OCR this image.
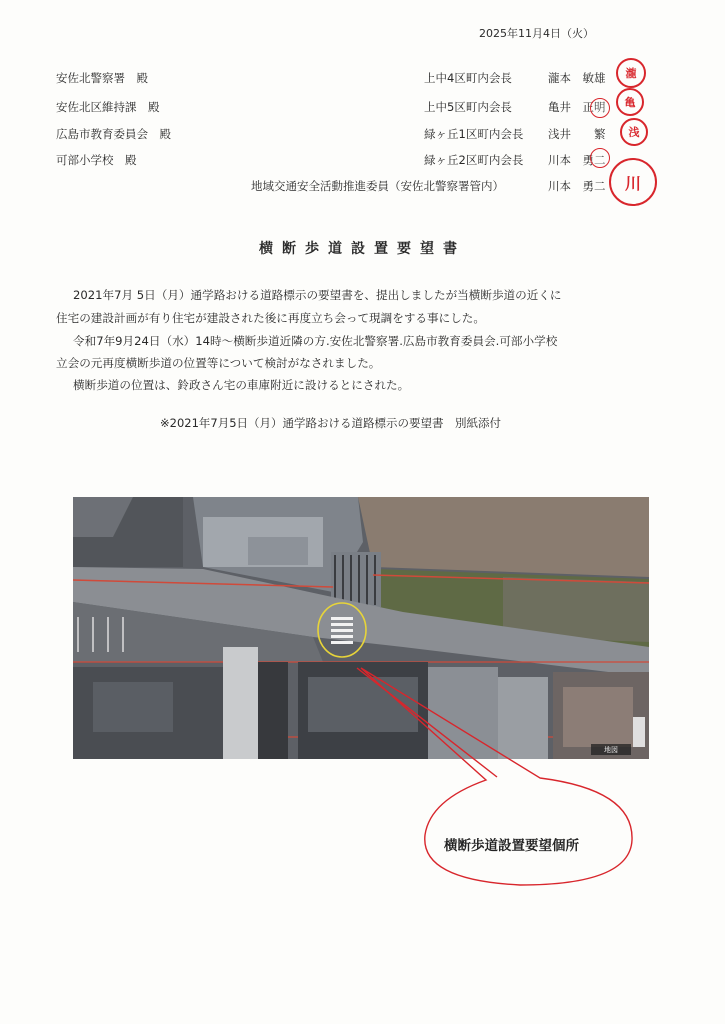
2025年11月4日（火）
安佐北警察署　殿
安佐北区維持課　殿
広島市教育委員会　殿
可部小学校　殿
上中4区町内会長	瀧本　敏雄
上中5区町内会長	亀井　正明
緑ヶ丘1区町内会長 浅井　　繁
緑ヶ丘2区町内会長 川本　勇二
地域交通安全活動推進委員（安佐北警察署管内）	川本　勇二
瀧
亀
浅
川
横断歩道設置要望書
2021年7月 5日（月）通学路おける道路標示の要望書を、提出しましたが当横断歩道の近くに
住宅の建設計画が有り住宅が建設された後に再度立ち会って現調をする事にした。
令和7年9月24日（水）14時～横断歩道近隣の方.安佐北警察署.広島市教育委員会.可部小学校
立会の元再度横断歩道の位置等について検討がなされました。
横断歩道の位置は、鈴政さん宅の車庫附近に設けるとにされた。
※2021年7月5日（月）通学路おける道路標示の要望書　別紙添付
地図
横断歩道設置要望個所
